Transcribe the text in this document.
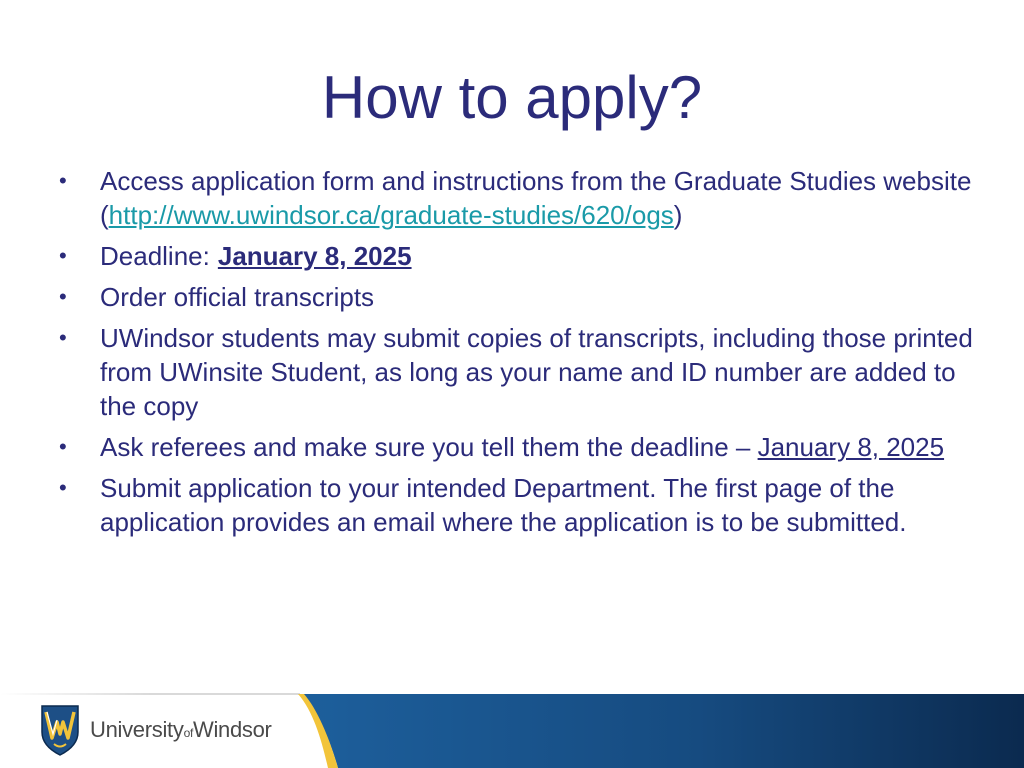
How to apply?
• Access application form and instructions from the Graduate Studies website (http://www.uwindsor.ca/graduate-studies/620/ogs)
• Deadline: January 8, 2025
• Order official transcripts
• UWindsor students may submit copies of transcripts, including those printed from UWinsite Student, as long as your name and ID number are added to the copy
• Ask referees and make sure you tell them the deadline – January 8, 2025
• Submit application to your intended Department. The first page of the application provides an email where the application is to be submitted.
UniversityofWindsor
